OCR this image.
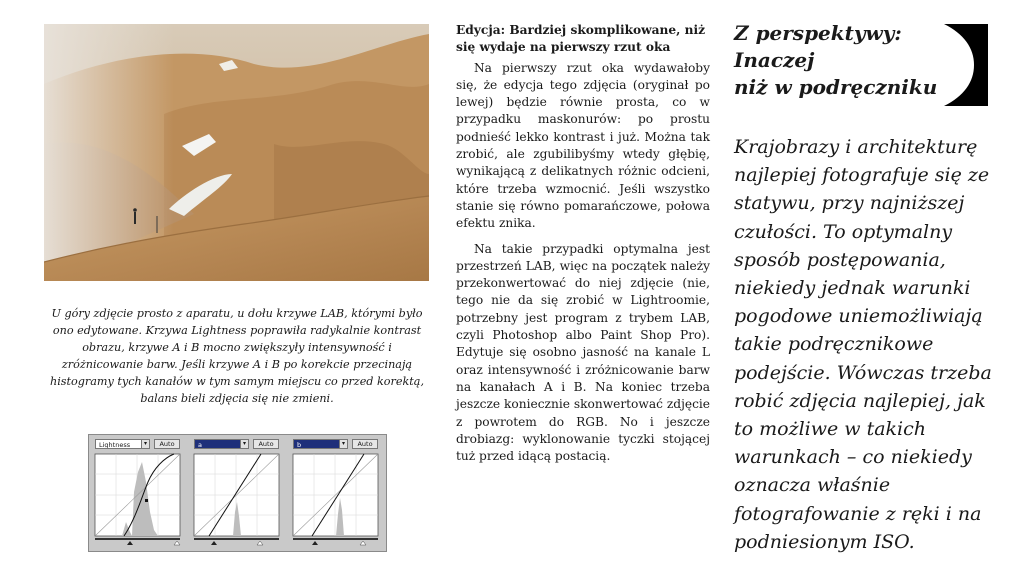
U góry zdjęcie prosto z aparatu, u dołu krzywe LAB, którymi było ono edytowane. Krzywa Lightness poprawiła radykalnie kontrast obrazu, krzywe A i B mocno zwiększyły intensywność i zróżnicowanie barw. Jeśli krzywe A i B po korekcie przecinają histogramy tych kanałów w tym samym miejscu co przed korektą, balans bieli zdjęcia się nie zmieni.
Lightness	▾	Auto	a	▾	Auto	b	▾	Auto

Edycja: Bardziej skomplikowane, niż się wydaje na pierwszy rzut oka

Na pierwszy rzut oka wydawałoby się, że edycja tego zdjęcia (oryginał po lewej) będzie równie prosta, co w przypadku maskonurów: po prostu podnieść lekko kontrast i już. Można tak zrobić, ale zgubilibyśmy wtedy głębię, wynikającą z delikatnych różnic odcieni, które trzeba wzmocnić. Jeśli wszystko stanie się równo pomarańczowe, połowa efektu znika.

Na takie przypadki optymalna jest przestrzeń LAB, więc na początek należy przekonwertować do niej zdjęcie (nie, tego nie da się zrobić w Lightroomie, potrzebny jest program z trybem LAB, czyli Photoshop albo Paint Shop Pro). Edytuje się osobno jasność na kanale L oraz intensywność i zróżnicowanie barw na kanałach A i B. Na koniec trzeba jeszcze koniecznie skonwertować zdjęcie z powrotem do RGB. No i jeszcze drobiazg: wyklonowanie tyczki stojącej tuż przed idącą postacią.

Z perspektywy:
Inaczej
niż w podręczniku
Krajobrazy i architekturę najlepiej fotografuje się ze statywu, przy najniższej czułości. To optymalny sposób postępowania, niekiedy jednak warunki pogodowe uniemożliwiają takie podręcznikowe podejście. Wówczas trzeba robić zdjęcia najlepiej, jak to możliwe w takich warunkach – co niekiedy oznacza właśnie fotografowanie z ręki i na podniesionym ISO.
